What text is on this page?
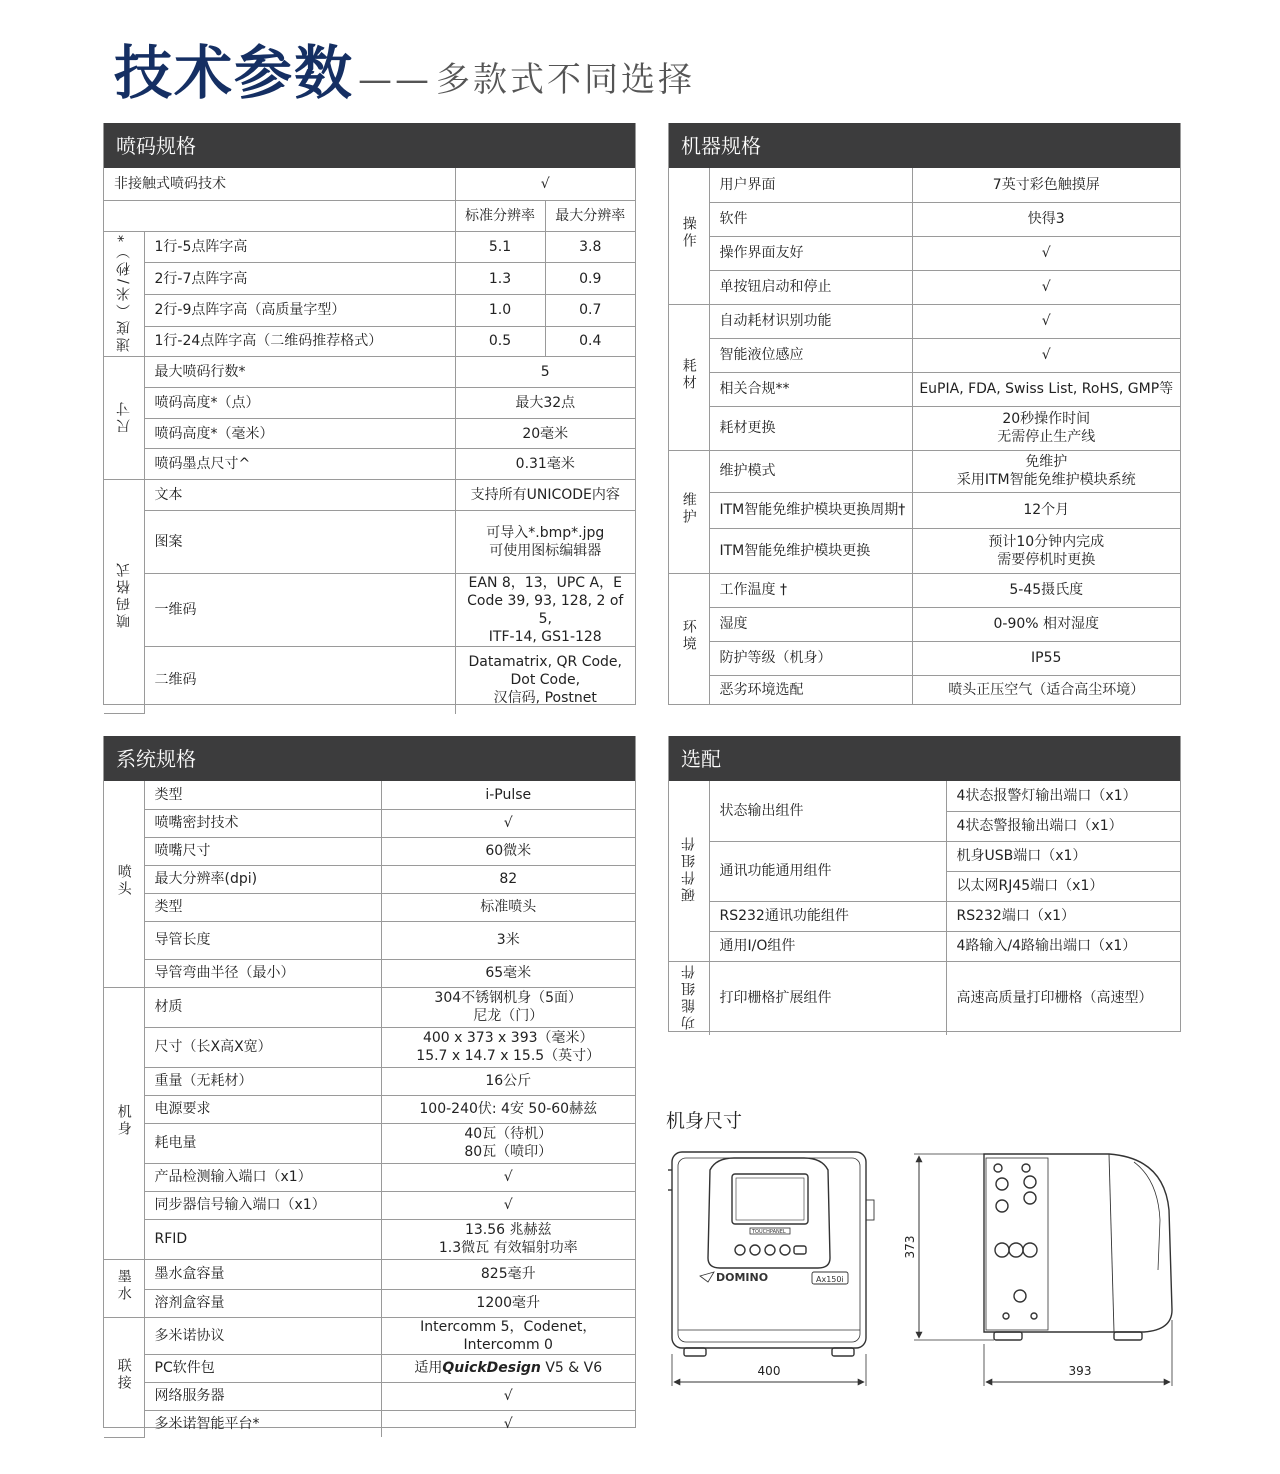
技术参数 —— 多款式不同选择
喷码规格
非接触式喷码技术		√	
		标准分辨率	最大分辨率
速度（米/秒）*	1行-5点阵字高	5.1	3.8
	2行-7点阵字高	1.3	0.9
	2行-9点阵字高（高质量字型）	1.0	0.7
	1行-24点阵字高（二维码推荐格式）	0.5	0.4
尺寸	最大喷码行数*	5	
	喷码高度*（点）	最大32点	
	喷码高度*（毫米）	20毫米	
	喷码墨点尺寸^	0.31毫米	
喷码格式	文本	支持所有UNICODE内容	
	图案	可导入*.bmp*.jpg
可使用图标编辑器	
	一维码	EAN 8，13，UPC A，E
Code 39, 93, 128, 2 of 5,
ITF-14, GS1-128	
	二维码	Datamatrix, QR Code,
Dot Code,
汉信码, Postnet	
机器规格
操作	用户界面	7英寸彩色触摸屏
	软件	快得3
	操作界面友好	√
	单按钮启动和停止	√
耗材	自动耗材识别功能	√
	智能液位感应	√
	相关合规**	EuPIA, FDA, Swiss List, RoHS, GMP等
	耗材更换	20秒操作时间
无需停止生产线
维护	维护模式	免维护
采用ITM智能免维护模块系统
	ITM智能免维护模块更换周期†	12个月
	ITM智能免维护模块更换	预计10分钟内完成
需要停机时更换
环境	工作温度 †	5-45摄氏度
	湿度	0-90% 相对湿度
	防护等级（机身）	IP55
	恶劣环境选配	喷头正压空气（适合高尘环境）
系统规格
喷头	类型	i-Pulse
	喷嘴密封技术	√
	喷嘴尺寸	60微米
	最大分辨率(dpi)	82
	类型	标准喷头
	导管长度	3米
	导管弯曲半径（最小）	65毫米
机身	材质	304不锈钢机身（5面）
尼龙（门）
	尺寸（长X高X宽）	400 x 373 x 393（毫米）
15.7 x 14.7 x 15.5（英寸）
	重量（无耗材）	16公斤
	电源要求	100-240伏: 4安 50-60赫兹
	耗电量	40瓦（待机）
80瓦（喷印）
	产品检测输入端口（x1）	√
	同步器信号输入端口（x1）	√
	RFID	13.56 兆赫兹
1.3微瓦 有效辐射功率
墨水	墨水盒容量	825毫升
	溶剂盒容量	1200毫升
联接	多米诺协议	Intercomm 5，Codenet，Intercomm 0
	PC软件包	适用QuickDesign V5 & V6
	网络服务器	√
	多米诺智能平台*	√
选配
硬件组件	状态输出组件	4状态报警灯输出端口（x1）
		4状态警报输出端口（x1）
	通讯功能通用组件	机身USB端口（x1）
		以太网RJ45端口（x1）
	RS232通讯功能组件	RS232端口（x1）
	通用I/O组件	4路输入/4路输出端口（x1）
功能组件	打印栅格扩展组件	高速高质量打印栅格（高速型）
机身尺寸
DOMINO	Ax150i
TOUCHPANEL
400
373
393
